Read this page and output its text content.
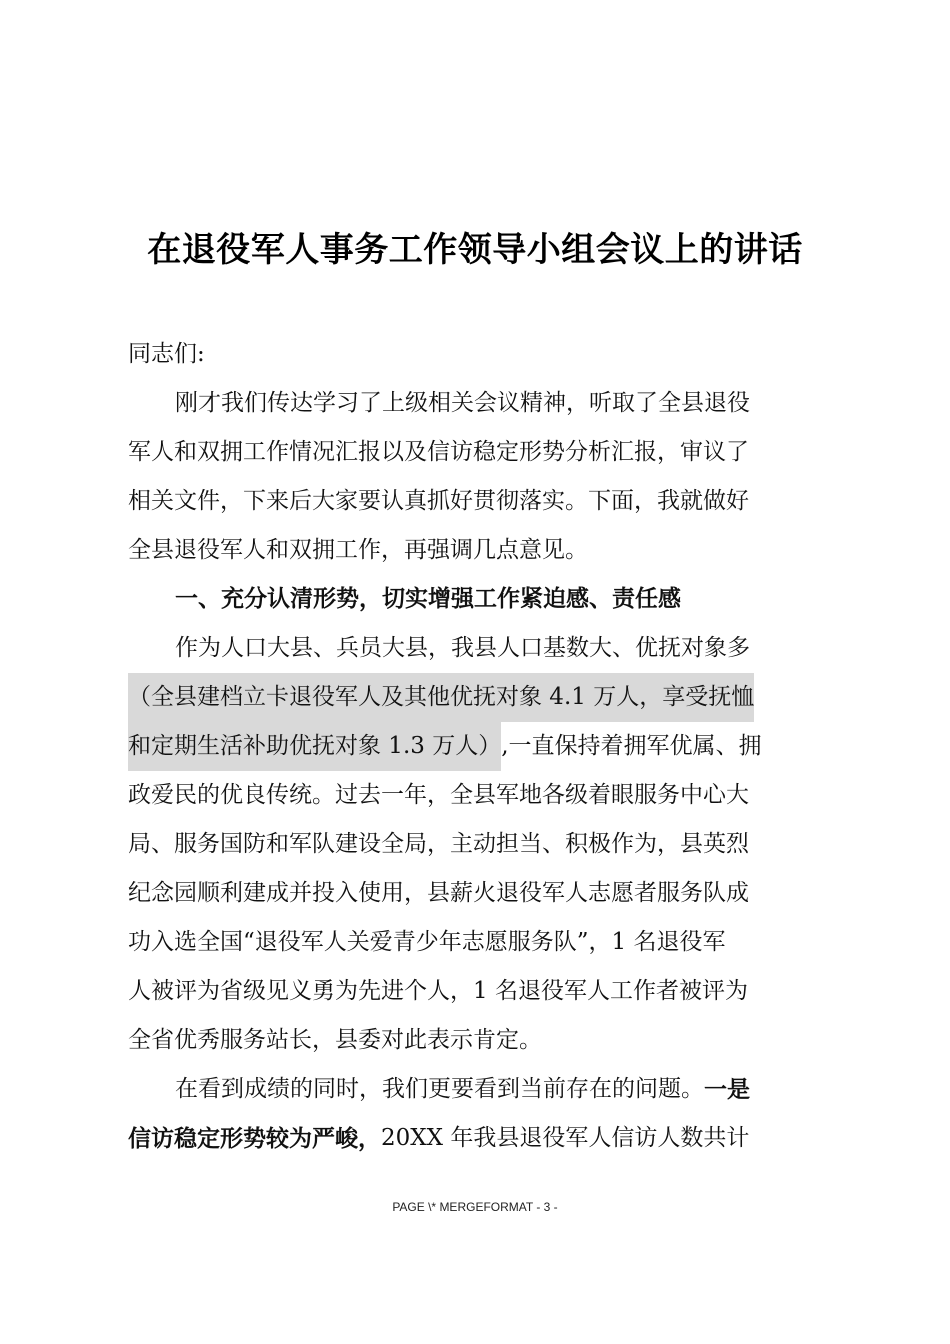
在退役军人事务工作领导小组会议上的讲话
同志们:
刚才我们传达学习了上级相关会议精神，听取了全县退役
军人和双拥工作情况汇报以及信访稳定形势分析汇报，审议了
相关文件，下来后大家要认真抓好贯彻落实。下面，我就做好
全县退役军人和双拥工作，再强调几点意见。
一、充分认清形势，切实增强工作紧迫感、责任感
作为人口大县、兵员大县，我县人口基数大、优抚对象多
（全县建档立卡退役军人及其他优抚对象 4.1 万人，享受抚恤
和定期生活补助优抚对象 1.3 万人） ,一直保持着拥军优属、拥
政爱民的优良传统。过去一年，全县军地各级着眼服务中心大
局、服务国防和军队建设全局，主动担当、积极作为，县英烈
纪念园顺利建成并投入使用，县薪火退役军人志愿者服务队成
功入选全国“退役军人关爱青少年志愿服务队”，1 名退役军
人被评为省级见义勇为先进个人，1 名退役军人工作者被评为
全省优秀服务站长，县委对此表示肯定。
在看到成绩的同时，我们更要看到当前存在的问题。 一是
信访稳定形势较为严峻， 20XX 年我县退役军人信访人数共计
PAGE \* MERGEFORMAT - 3 -
